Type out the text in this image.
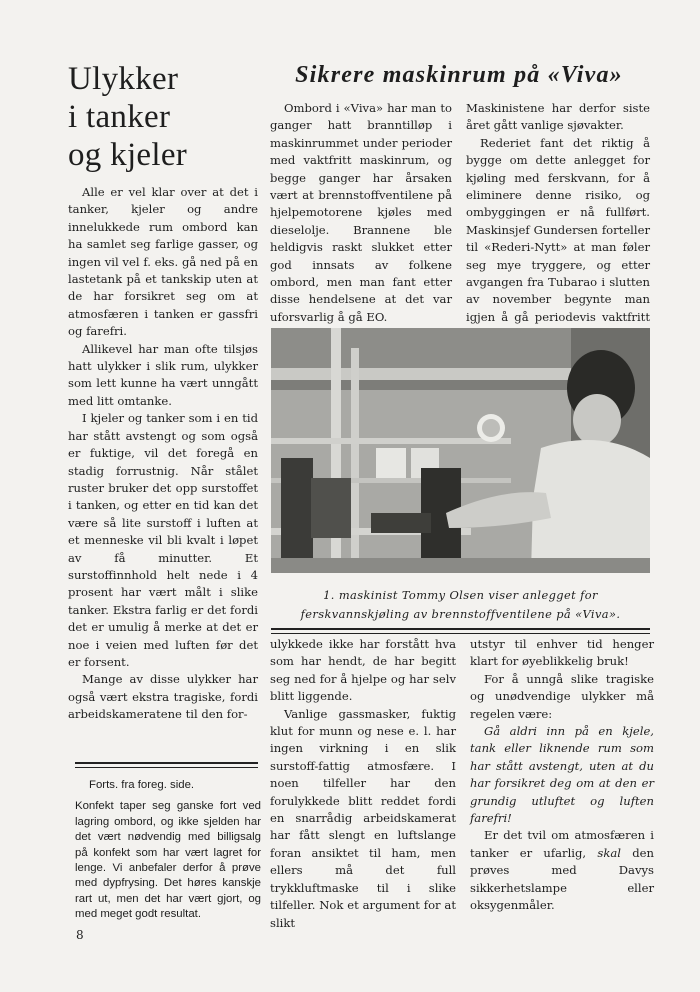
Ulykker
i tanker
og kjeler

Alle er vel klar over at det i tanker, kjeler og andre innelukkede rum ombord kan ha samlet seg farlige gasser, og ingen vil vel f. eks. gå ned på en lastetank på et tankskip uten at de har forsikret seg om at atmosfæren i tanken er gassfri og farefri.

Allikevel har man ofte tilsjøs hatt ulykker i slik rum, ulykker som lett kunne ha vært unngått med litt omtanke.

I kjeler og tanker som i en tid har stått avstengt og som også er fuktige, vil det foregå en stadig forrustnig. Når stålet ruster bruker det opp surstoffet i tanken, og etter en tid kan det være så lite surstoff i luften at et menneske vil bli kvalt i løpet av få minutter. Et surstoffinnhold helt nede i 4 prosent har vært målt i slike tanker. Ekstra farlig er det fordi det er umulig å merke at det er noe i veien med luften før det er forsent.

Mange av disse ulykker har også vært ekstra tragiske, fordi arbeidskameratene til den for-

Forts. fra foreg. side.

Konfekt taper seg ganske fort ved lagring ombord, og ikke sjelden har det vært nødvendig med billigsalg på konfekt som har vært lagret for lenge. Vi anbefaler derfor å prøve med dypfrysing. Det høres kanskje rart ut, men det har vært gjort, og med meget godt resultat.

8
Sikrere maskinrum på «Viva»

Ombord i «Viva» har man to ganger hatt branntilløp i maskinrummet under perioder med vaktfritt maskinrum, og begge ganger har årsaken vært at brennstoffventilene på hjelpemotorene kjøles med dieselolje. Brannene ble heldigvis raskt slukket etter god innsats av folkene ombord, men man fant etter disse hendelsene at det var uforsvarlig å gå EO.

Maskinistene har derfor siste året gått vanlige sjøvakter.

Rederiet fant det riktig å bygge om dette anlegget for kjøling med ferskvann, for å eliminere denne risiko, og ombyggingen er nå fullført. Maskinsjef Gundersen forteller til «Rederi-Nytt» at man føler seg mye tryggere, og etter avgangen fra Tubarao i slutten av november begynte man igjen å gå periodevis vaktfritt

1. maskinist Tommy Olsen viser anlegget for ferskvannskjøling av brennstoffventilene på «Viva».

ulykkede ikke har forstått hva som har hendt, de har begitt seg ned for å hjelpe og har selv blitt liggende.

Vanlige gassmasker, fuktig klut for munn og nese e. l. har ingen virkning i en slik surstoff-fattig atmosfære. I noen tilfeller har den forulykkede blitt reddet fordi en snarrådig arbeidskamerat har fått slengt en luftslange foran ansiktet til ham, men ellers må det full trykkluftmaske til i slike tilfeller. Nok et argument for at slikt

utstyr til enhver tid henger klart for øyeblikkelig bruk!

For å unngå slike tragiske og unødvendige ulykker må regelen være:

Gå aldri inn på en kjele, tank eller liknende rum som har stått avstengt, uten at du har forsikret deg om at den er grundig utluftet og luften farefri!

Er det tvil om atmosfæren i tanker er ufarlig, skal den prøves med Davys sikkerhetslampe eller oksygenmåler.
